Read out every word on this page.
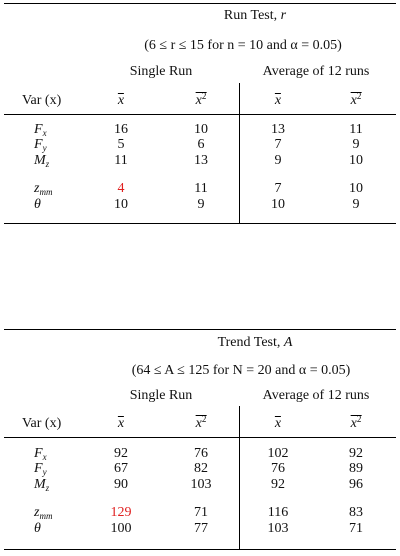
Run Test, r
(6 ≤ r ≤ 15 for n = 10 and α = 0.05)
Single Run	Average of 12 runs
Var (x)	x	$x^2$	x	$x^2$
$F_x$	16	10	13	11
$F_y$	5	6	7	9
$M_z$	11	13	9	10
$z_{mm}$	4	11	7	10
θ	10	9	10	9
Trend Test, A
(64 ≤ A ≤ 125 for N = 20 and α = 0.05)
Single Run	Average of 12 runs
Var (x)	x	$x^2$	x	$x^2$
$F_x$	92	76	102	92
$F_y$	67	82	76	89
$M_z$	90	103	92	96
$z_{mm}$	129	71	116	83
θ	100	77	103	71
